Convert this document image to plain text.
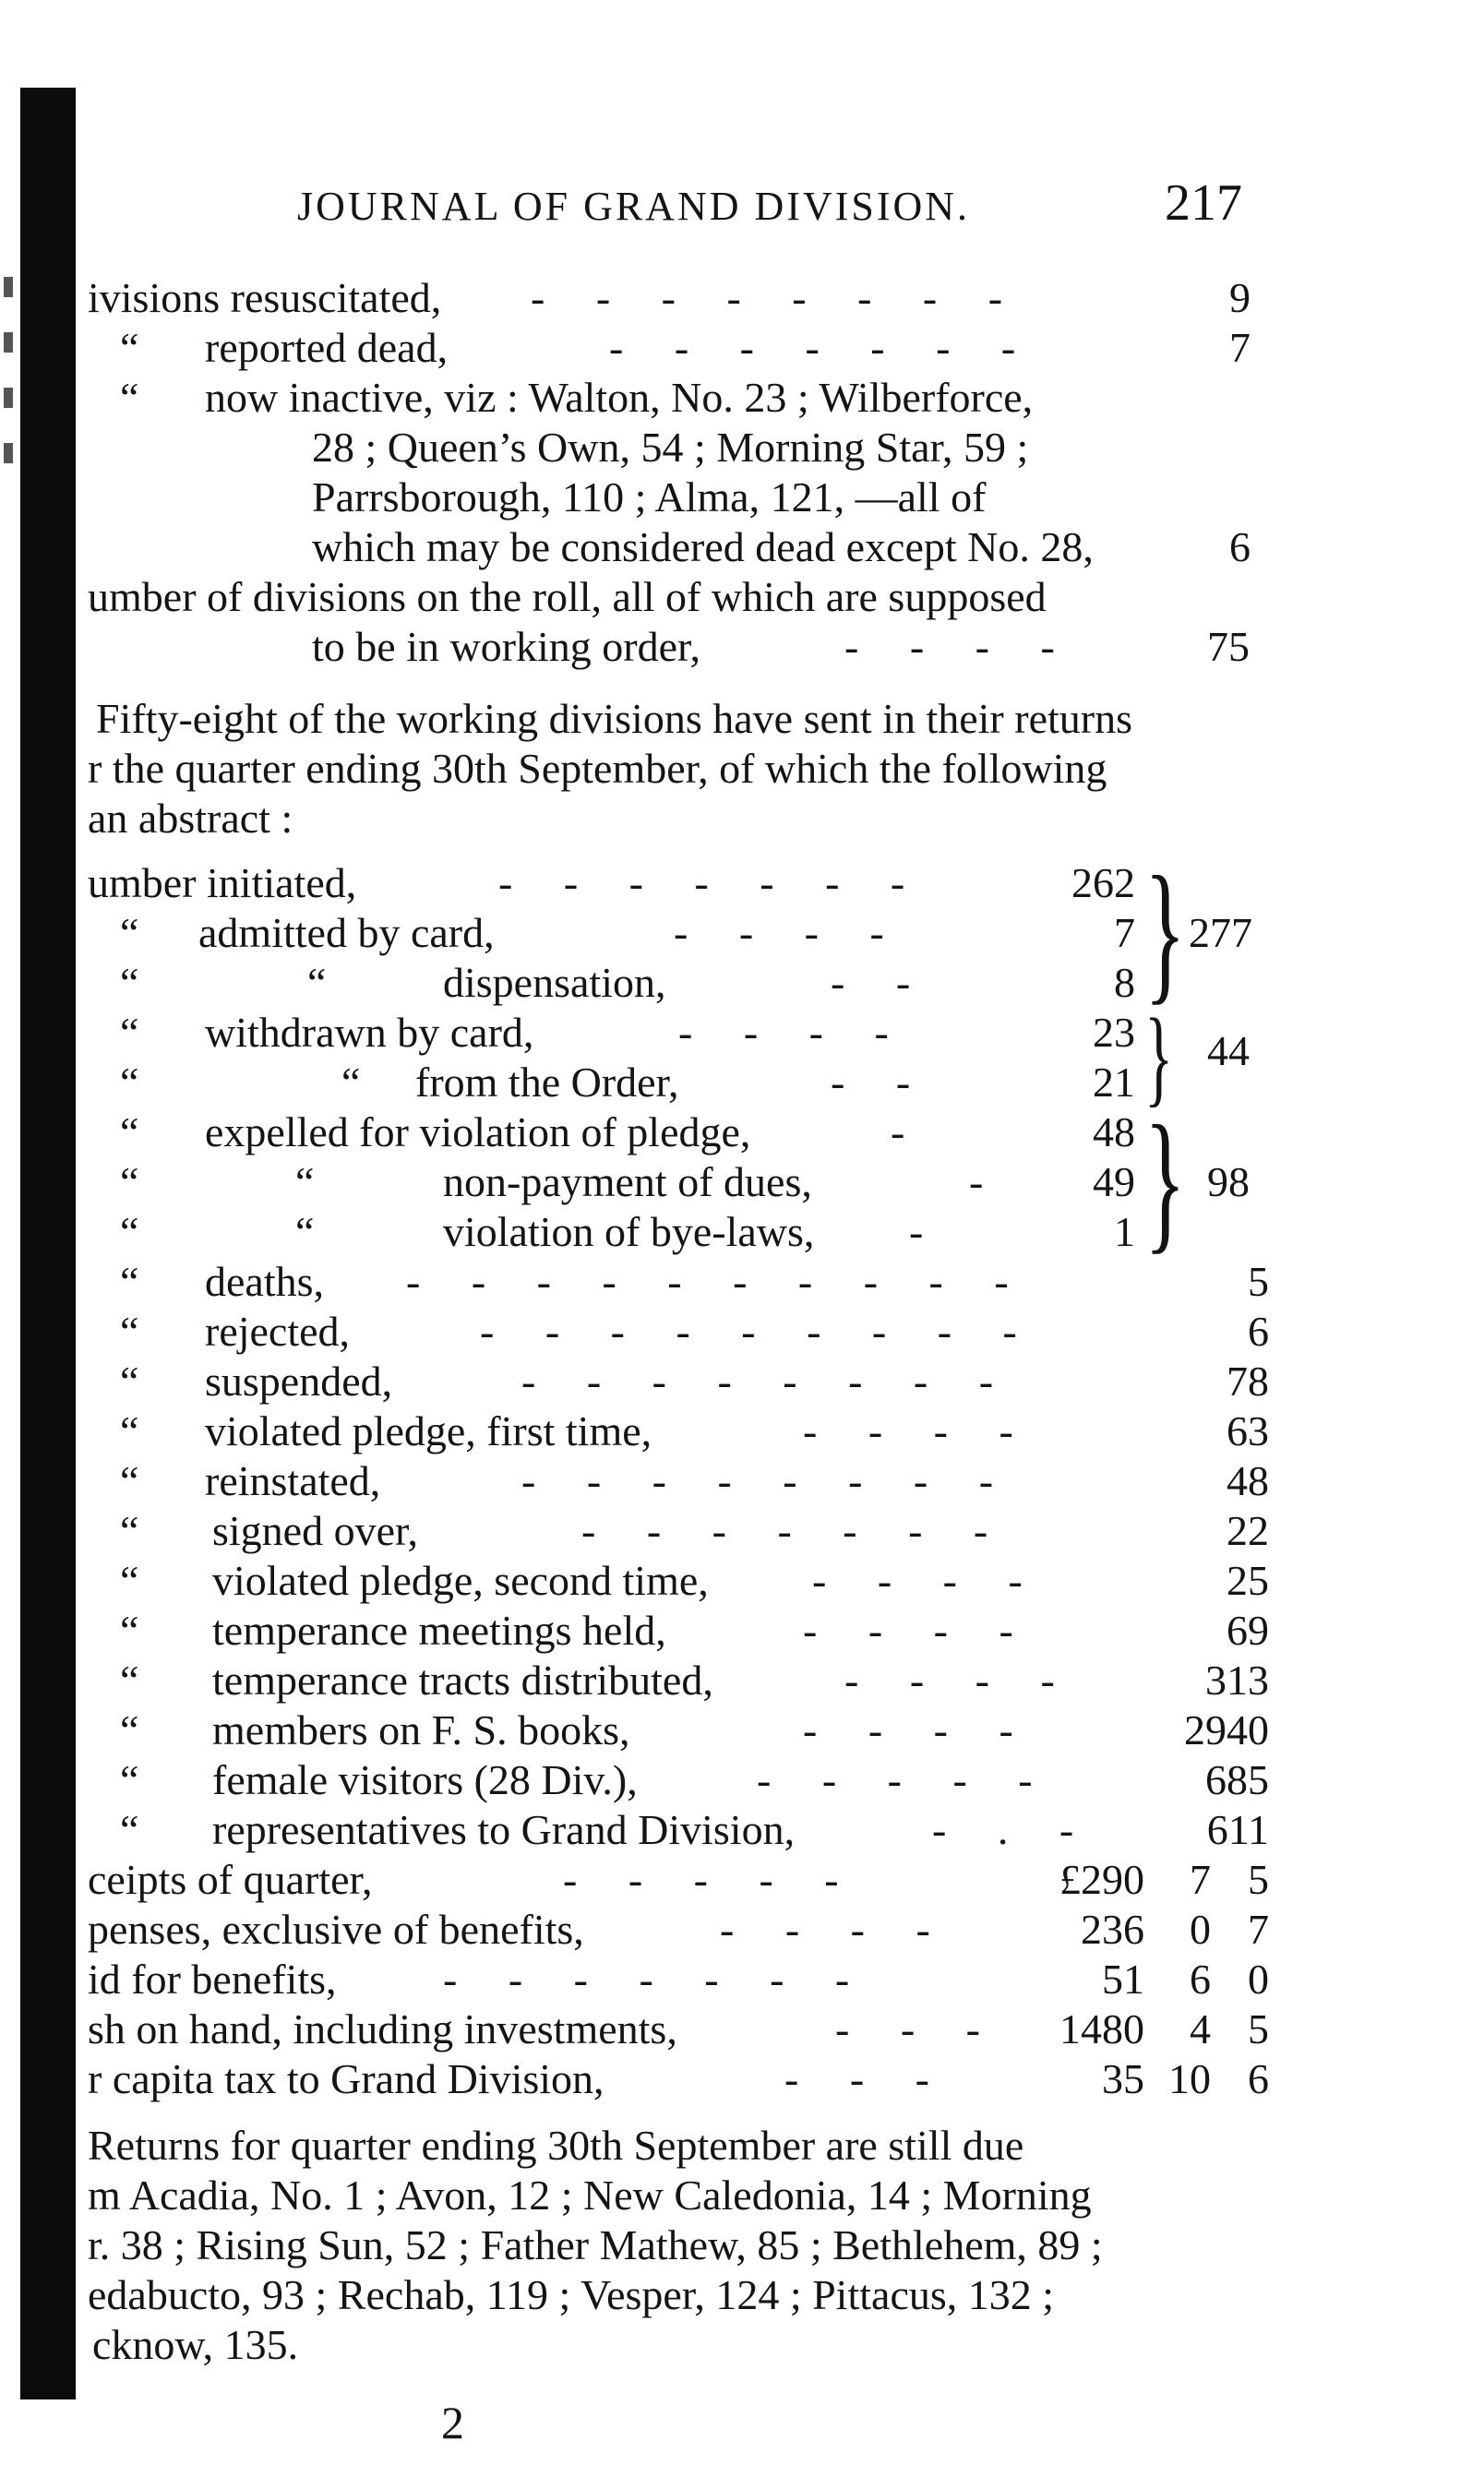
JOURNAL OF GRAND DIVISION.	217
ivisions resuscitated, - - - - - - - -	9
“ reported dead,	- - - - - - -	7
“ now inactive, viz : Walton, No. 23 ; Wilberforce,
28 ; Queen’s Own, 54 ; Morning Star, 59 ;
Parrsborough, 110 ; Alma, 121, —all of
which may be considered dead except No. 28,	6
umber of divisions on the roll, all of which are supposed
to be in working order,	- - - -	75
Fifty-eight of the working divisions have sent in their returns
r the quarter ending 30th September, of which the following
an abstract :
umber initiated,	- - - - - - -	262
“ admitted by card,	- - - -	7
“	“	dispensation,	- -	8 } 277
“ withdrawn by card,	- - - -	23
“	“ from the Order,	- -	21 } 44
“ expelled for violation of pledge,	-	48
“	“	non-payment of dues,	-	49
“	“	violation of bye-laws, -	1 } 98
“ deaths, - - - - - - - - - -	5
“ rejected,	- - - - - - - - -	6
“ suspended,	- - - - - - - -	78
“ violated pledge, first time,	- - - -	63
“ reinstated,	- - - - - - - -	48
“ signed over,	- - - - - - -	22
“ violated pledge, second time, - - - -	25
“ temperance meetings held,	- - - -	69
“ temperance tracts distributed,	- - - -	313
“ members on F. S. books,	- - - -	2940
“ female visitors (28 Div.),	- - - - -	685
“ representatives to Grand Division,	- . -	611
ceipts of quarter,	- - - - -	£290	7 5
penses, exclusive of benefits,	- - - -	236	0 7
id for benefits,	- - - - - - -	51	6 0
sh on hand, including investments,	- - -	1480	4 5
r capita tax to Grand Division,	- - -	35 10 6
Returns for quarter ending 30th September are still due
m Acadia, No. 1 ; Avon, 12 ; New Caledonia, 14 ; Morning
r. 38 ; Rising Sun, 52 ; Father Mathew, 85 ; Bethlehem, 89 ;
edabucto, 93 ; Rechab, 119 ; Vesper, 124 ; Pittacus, 132 ;
cknow, 135.
2
